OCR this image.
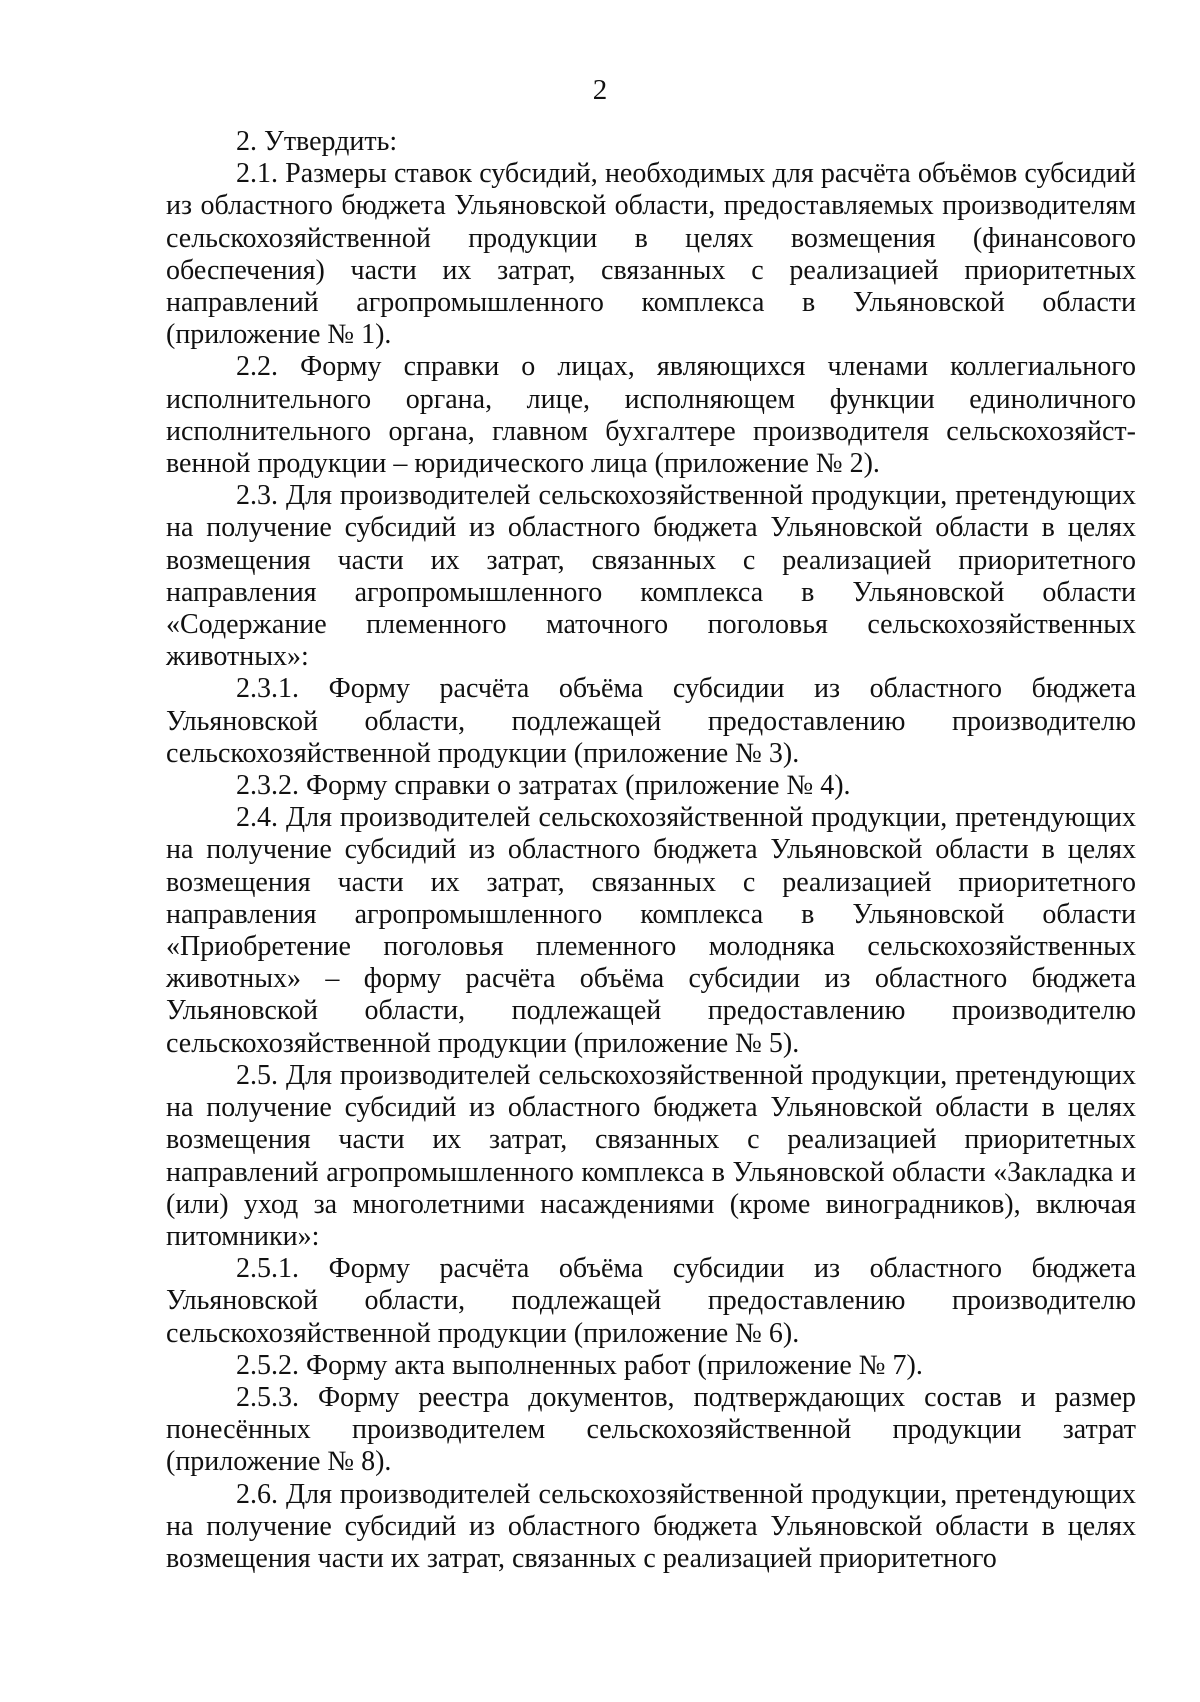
2

2. Утвердить:

2.1. Размеры ставок субсидий, необходимых для расчёта объёмов субсидий из областного бюджета Ульяновской области, предоставляемых производителям сельскохозяйственной продукции в целях возмещения (финансового обеспечения) части их затрат, связанных с реализацией приоритетных направлений агропромышленного комплекса в Ульяновской области (приложение № 1).

2.2. Форму справки о лицах, являющихся членами коллегиального исполнительного органа, лице, исполняющем функции единоличного исполнительного органа, главном бухгалтере производителя сельскохозяйственной продукции – юридического лица (приложение № 2).

2.3. Для производителей сельскохозяйственной продукции, претендующих на получение субсидий из областного бюджета Ульяновской области в целях возмещения части их затрат, связанных с реализацией приоритетного направления агропромышленного комплекса в Ульяновской области «Содержание племенного маточного поголовья сельскохозяйственных животных»:

2.3.1. Форму расчёта объёма субсидии из областного бюджета Ульяновской области, подлежащей предоставлению производителю сельскохозяйственной продукции (приложение № 3).

2.3.2. Форму справки о затратах (приложение № 4).

2.4. Для производителей сельскохозяйственной продукции, претендующих на получение субсидий из областного бюджета Ульяновской области в целях возмещения части их затрат, связанных с реализацией приоритетного направления агропромышленного комплекса в Ульяновской области «Приобретение поголовья племенного молодняка сельскохозяйственных животных» – форму расчёта объёма субсидии из областного бюджета Ульяновской области, подлежащей предоставлению производителю сельскохозяйственной продукции (приложение № 5).

2.5. Для производителей сельскохозяйственной продукции, претендующих на получение субсидий из областного бюджета Ульяновской области в целях возмещения части их затрат, связанных с реализацией приоритетных направлений агропромышленного комплекса в Ульяновской области «Закладка и (или) уход за многолетними насаждениями (кроме виноградников), включая питомники»:

2.5.1. Форму расчёта объёма субсидии из областного бюджета Ульяновской области, подлежащей предоставлению производителю сельскохозяйственной продукции (приложение № 6).

2.5.2. Форму акта выполненных работ (приложение № 7).

2.5.3. Форму реестра документов, подтверждающих состав и размер понесённых производителем сельскохозяйственной продукции затрат (приложение № 8).

2.6. Для производителей сельскохозяйственной продукции, претендующих на получение субсидий из областного бюджета Ульяновской области в целях возмещения части их затрат, связанных с реализацией приоритетного
